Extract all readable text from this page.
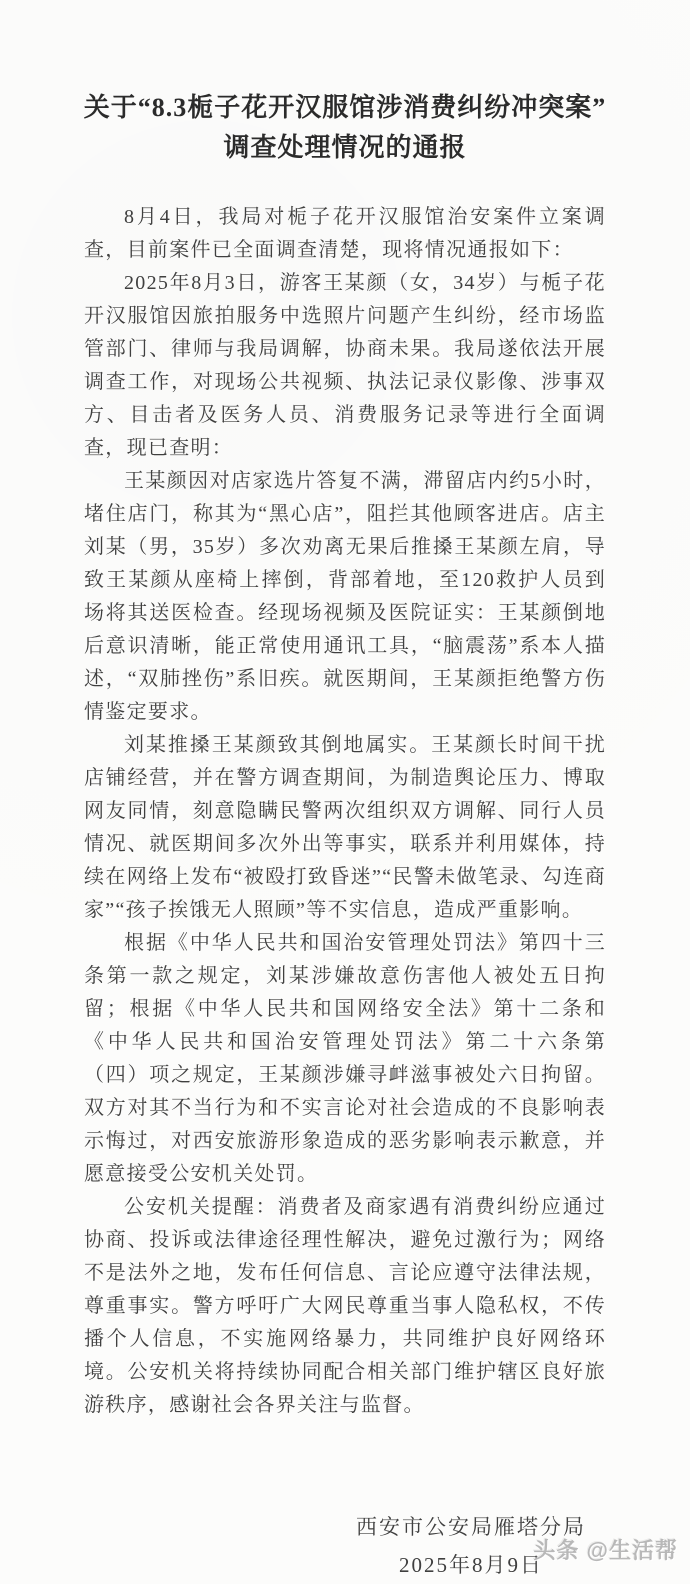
关于“8.3栀子花开汉服馆涉消费纠纷冲突案”调查处理情况的通报

8月4日，我局对栀子花开汉服馆治安案件立案调查，目前案件已全面调查清楚，现将情况通报如下：

2025年8月3日，游客王某颜（女，34岁）与栀子花开汉服馆因旅拍服务中选照片问题产生纠纷，经市场监管部门、律师与我局调解，协商未果。我局遂依法开展调查工作，对现场公共视频、执法记录仪影像、涉事双方、目击者及医务人员、消费服务记录等进行全面调查，现已查明：

王某颜因对店家选片答复不满，滞留店内约5小时，堵住店门，称其为“黑心店”，阻拦其他顾客进店。店主刘某（男，35岁）多次劝离无果后推搡王某颜左肩，导致王某颜从座椅上摔倒，背部着地，至120救护人员到场将其送医检查。经现场视频及医院证实：王某颜倒地后意识清晰，能正常使用通讯工具，“脑震荡”系本人描述，“双肺挫伤”系旧疾。就医期间，王某颜拒绝警方伤情鉴定要求。

刘某推搡王某颜致其倒地属实。王某颜长时间干扰店铺经营，并在警方调查期间，为制造舆论压力、博取网友同情，刻意隐瞒民警两次组织双方调解、同行人员情况、就医期间多次外出等事实，联系并利用媒体，持续在网络上发布“被殴打致昏迷”“民警未做笔录、勾连商家”“孩子挨饿无人照顾”等不实信息，造成严重影响。

根据《中华人民共和国治安管理处罚法》第四十三条第一款之规定，刘某涉嫌故意伤害他人被处五日拘留；根据《中华人民共和国网络安全法》第十二条和《中华人民共和国治安管理处罚法》第二十六条第（四）项之规定，王某颜涉嫌寻衅滋事被处六日拘留。双方对其不当行为和不实言论对社会造成的不良影响表示悔过，对西安旅游形象造成的恶劣影响表示歉意，并愿意接受公安机关处罚。

公安机关提醒：消费者及商家遇有消费纠纷应通过协商、投诉或法律途径理性解决，避免过激行为；网络不是法外之地，发布任何信息、言论应遵守法律法规，尊重事实。警方呼吁广大网民尊重当事人隐私权，不传播个人信息，不实施网络暴力，共同维护良好网络环境。公安机关将持续协同配合相关部门维护辖区良好旅游秩序，感谢社会各界关注与监督。

西安市公安局雁塔分局
2025年8月9日
头条 @生活帮
